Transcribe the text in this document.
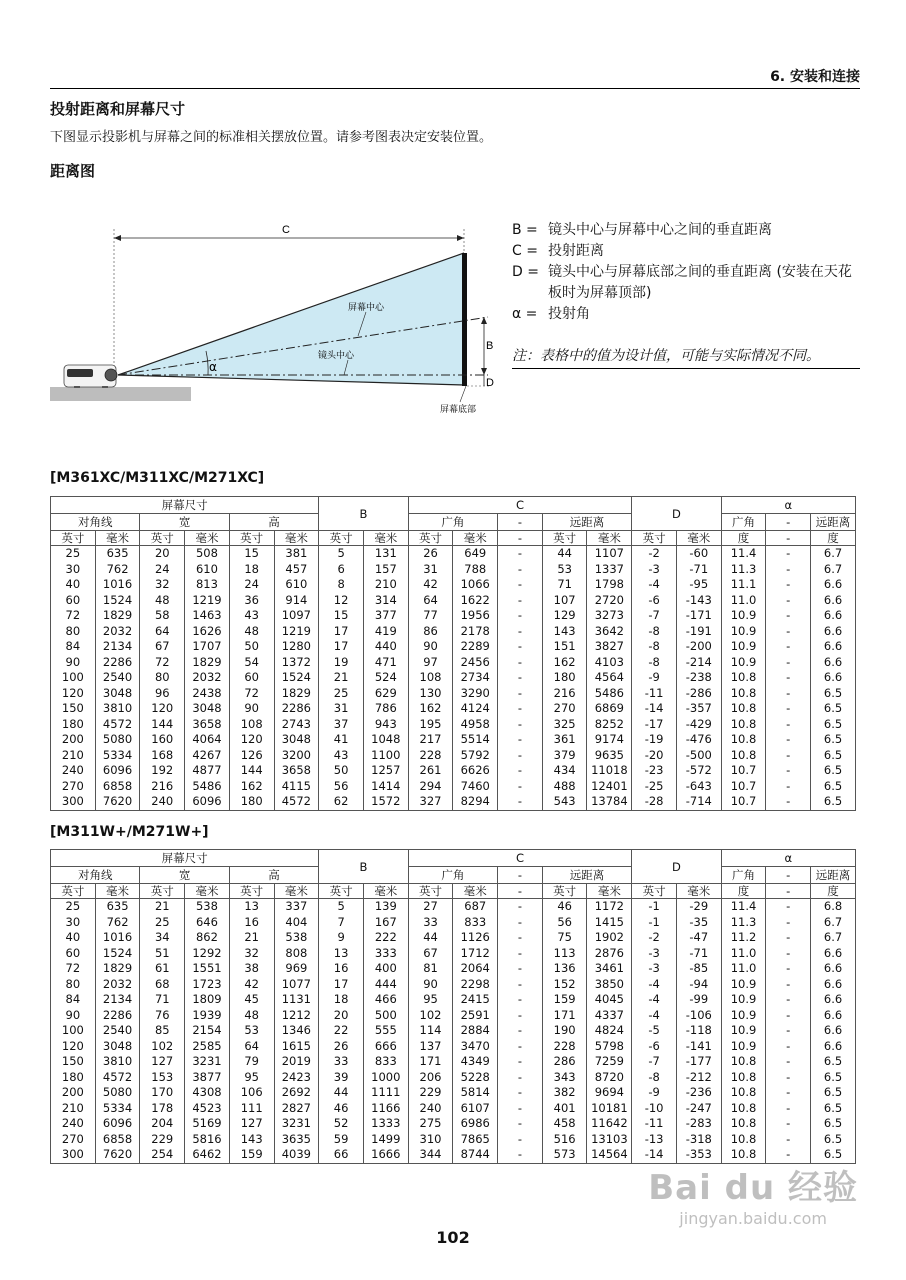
6. 安装和连接
投射距离和屏幕尺寸
下图显示投影机与屏幕之间的标准相关摆放位置。请参考图表决定安装位置。
距离图
C
B
D
α
屏幕中心
镜头中心
屏幕底部
B = 镜头中心与屏幕中心之间的垂直距离
C = 投射距离
D = 镜头中心与屏幕底部之间的垂直距离 (安装在天花板时为屏幕顶部)
α = 投射角
注：表格中的值为设计值，可能与实际情况不同。
[M361XC/M311XC/M271XC]
屏幕尺寸						B		C					D		α		
对角线		宽		高				广角		-	远距离				广角	-	远距离
英寸	毫米	英寸	毫米	英寸	毫米	英寸	毫米	英寸	毫米	-	英寸	毫米	英寸	毫米	度	-	度
25	635	20	508	15	381	5	131	26	649	-	44	1107	-2	-60	11.4	-	6.7
30	762	24	610	18	457	6	157	31	788	-	53	1337	-3	-71	11.3	-	6.7
40	1016	32	813	24	610	8	210	42	1066	-	71	1798	-4	-95	11.1	-	6.6
60	1524	48	1219	36	914	12	314	64	1622	-	107	2720	-6	-143	11.0	-	6.6
72	1829	58	1463	43	1097	15	377	77	1956	-	129	3273	-7	-171	10.9	-	6.6
80	2032	64	1626	48	1219	17	419	86	2178	-	143	3642	-8	-191	10.9	-	6.6
84	2134	67	1707	50	1280	17	440	90	2289	-	151	3827	-8	-200	10.9	-	6.6
90	2286	72	1829	54	1372	19	471	97	2456	-	162	4103	-8	-214	10.9	-	6.6
100	2540	80	2032	60	1524	21	524	108	2734	-	180	4564	-9	-238	10.8	-	6.6
120	3048	96	2438	72	1829	25	629	130	3290	-	216	5486	-11	-286	10.8	-	6.5
150	3810	120	3048	90	2286	31	786	162	4124	-	270	6869	-14	-357	10.8	-	6.5
180	4572	144	3658	108	2743	37	943	195	4958	-	325	8252	-17	-429	10.8	-	6.5
200	5080	160	4064	120	3048	41	1048	217	5514	-	361	9174	-19	-476	10.8	-	6.5
210	5334	168	4267	126	3200	43	1100	228	5792	-	379	9635	-20	-500	10.8	-	6.5
240	6096	192	4877	144	3658	50	1257	261	6626	-	434	11018	-23	-572	10.7	-	6.5
270	6858	216	5486	162	4115	56	1414	294	7460	-	488	12401	-25	-643	10.7	-	6.5
300	7620	240	6096	180	4572	62	1572	327	8294	-	543	13784	-28	-714	10.7	-	6.5
[M311W+/M271W+]
屏幕尺寸						B		C					D		α		
对角线		宽		高				广角		-	远距离				广角	-	远距离
英寸	毫米	英寸	毫米	英寸	毫米	英寸	毫米	英寸	毫米	-	英寸	毫米	英寸	毫米	度	-	度
25	635	21	538	13	337	5	139	27	687	-	46	1172	-1	-29	11.4	-	6.8
30	762	25	646	16	404	7	167	33	833	-	56	1415	-1	-35	11.3	-	6.7
40	1016	34	862	21	538	9	222	44	1126	-	75	1902	-2	-47	11.2	-	6.7
60	1524	51	1292	32	808	13	333	67	1712	-	113	2876	-3	-71	11.0	-	6.6
72	1829	61	1551	38	969	16	400	81	2064	-	136	3461	-3	-85	11.0	-	6.6
80	2032	68	1723	42	1077	17	444	90	2298	-	152	3850	-4	-94	10.9	-	6.6
84	2134	71	1809	45	1131	18	466	95	2415	-	159	4045	-4	-99	10.9	-	6.6
90	2286	76	1939	48	1212	20	500	102	2591	-	171	4337	-4	-106	10.9	-	6.6
100	2540	85	2154	53	1346	22	555	114	2884	-	190	4824	-5	-118	10.9	-	6.6
120	3048	102	2585	64	1615	26	666	137	3470	-	228	5798	-6	-141	10.9	-	6.6
150	3810	127	3231	79	2019	33	833	171	4349	-	286	7259	-7	-177	10.8	-	6.5
180	4572	153	3877	95	2423	39	1000	206	5228	-	343	8720	-8	-212	10.8	-	6.5
200	5080	170	4308	106	2692	44	1111	229	5814	-	382	9694	-9	-236	10.8	-	6.5
210	5334	178	4523	111	2827	46	1166	240	6107	-	401	10181	-10	-247	10.8	-	6.5
240	6096	204	5169	127	3231	52	1333	275	6986	-	458	11642	-11	-283	10.8	-	6.5
270	6858	229	5816	143	3635	59	1499	310	7865	-	516	13103	-13	-318	10.8	-	6.5
300	7620	254	6462	159	4039	66	1666	344	8744	-	573	14564	-14	-353	10.8	-	6.5
102
Bai du 经验
jingyan.baidu.com
